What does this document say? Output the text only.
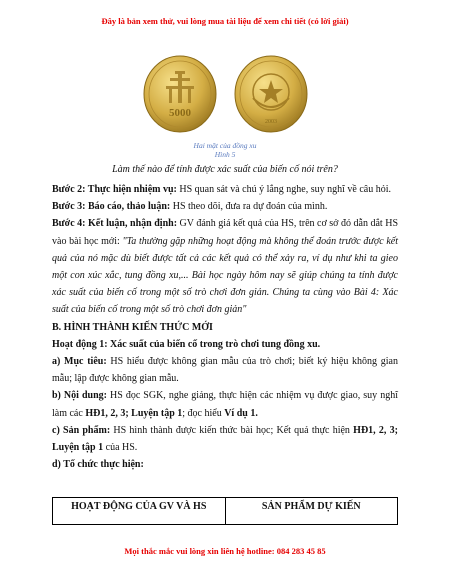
Đây là bản xem thử, vui lòng mua tài liệu để xem chi tiết (có lời giải)
5000
2003
Hai mặt của đồng xu
Hình 5
Làm thế nào để tính được xác suất của biến cố nói trên?

Bước 2: Thực hiện nhiệm vụ: HS quan sát và chú ý lắng nghe, suy nghĩ về câu hỏi.

Bước 3: Báo cáo, thảo luận: HS theo dõi, đưa ra dự đoán của mình.

Bước 4: Kết luận, nhận định: GV đánh giá kết quả của HS, trên cơ sở đó dẫn dắt HS vào bài học mới: "Ta thường gặp những hoạt động mà không thể đoán trước được kết quả của nó mặc dù biết được tất cả các kết quả có thể xảy ra, ví dụ như khi ta gieo một con xúc xắc, tung đồng xu,... Bài học ngày hôm nay sẽ giúp chúng ta tính được xác suất của biến cố trong một số trò chơi đơn giản. Chúng ta cùng vào Bài 4: Xác suất của biến cố trong một số trò chơi đơn giản"

B. HÌNH THÀNH KIẾN THỨC MỚI

Hoạt động 1: Xác suất của biến cố trong trò chơi tung đồng xu.

a) Mục tiêu: HS hiểu được không gian mẫu của trò chơi; biết ký hiệu không gian mẫu; lập được không gian mẫu.

b) Nội dung: HS đọc SGK, nghe giảng, thực hiện các nhiệm vụ được giao, suy nghĩ làm các HĐ1, 2, 3; Luyện tập 1; đọc hiểu Ví dụ 1.

c) Sản phẩm: HS hình thành được kiến thức bài học; Kết quả thực hiện HĐ1, 2, 3; Luyện tập 1 của HS.

d) Tổ chức thực hiện:

HOẠT ĐỘNG CỦA GV VÀ HS	SẢN PHẨM DỰ KIẾN
Mọi thắc mắc vui lòng xin liên hệ hotline: 084 283 45 85
